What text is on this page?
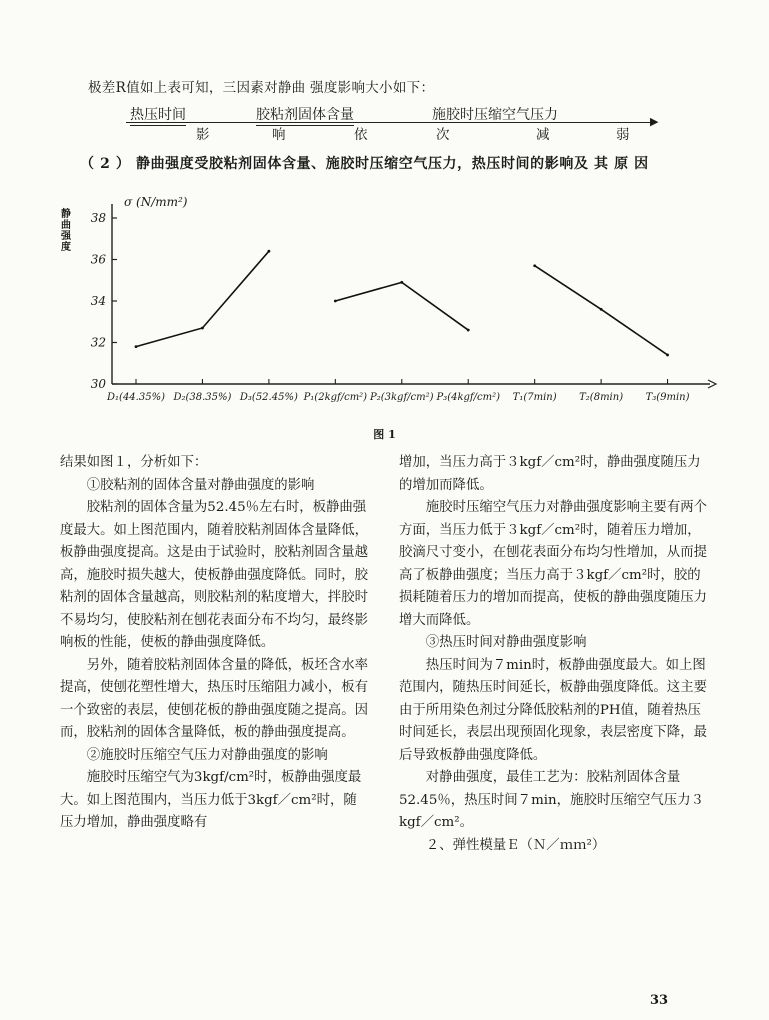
极差R值如上表可知，三因素对静曲 强度影响大小如下：
热压时间	胶粘剂固体含量	施胶时压缩空气压力	▶
影	响	依	次	减	弱
（ 2 ） 静曲强度受胶粘剂固体含量、施胶时压缩空气压力，热压时间的影响及 其 原 因
30
32
34
36
38
静曲强度
σ (N/mm²)
D₁(44.35%) D₂(38.35%) D₃(52.45%) P₁(2kgf/cm²) P₂(3kgf/cm²) P₃(4kgf/cm²) T₁(7min) T₂(8min) T₃(9min)
图 1

结果如图１，分析如下：

①胶粘剂的固体含量对静曲强度的影响

胶粘剂的固体含量为52.45％左右时，板静曲强度最大。如上图范围内，随着胶粘剂固体含量降低，板静曲强度提高。这是由于试验时，胶粘剂固含量越高，施胶时损失越大，使板静曲强度降低。同时，胶粘剂的固体含量越高，则胶粘剂的粘度增大，拌胶时不易均匀，使胶粘剂在刨花表面分布不均匀，最终影响板的性能，使板的静曲强度降低。

另外，随着胶粘剂固体含量的降低，板坯含水率提高，使刨花塑性增大，热压时压缩阻力减小，板有一个致密的表层，使刨花板的静曲强度随之提高。因而，胶粘剂的固体含量降低，板的静曲强度提高。

②施胶时压缩空气压力对静曲强度的影响

施胶时压缩空气为3kgf/cm²时，板静曲强度最大。如上图范围内，当压力低于3kgf／cm²时，随压力增加，静曲强度略有

增加，当压力高于３kgf／cm²时，静曲强度随压力的增加而降低。

施胶时压缩空气压力对静曲强度影响主要有两个方面，当压力低于３kgf／cm²时，随着压力增加，胶滴尺寸变小，在刨花表面分布均匀性增加，从而提高了板静曲强度；当压力高于３kgf／cm²时，胶的损耗随着压力的增加而提高，使板的静曲强度随压力增大而降低。

③热压时间对静曲强度影响

热压时间为７min时，板静曲强度最大。如上图范围内，随热压时间延长，板静曲强度降低。这主要由于所用染色剂过分降低胶粘剂的PH值，随着热压时间延长，表层出现预固化现象，表层密度下降，最后导致板静曲强度降低。

对静曲强度，最佳工艺为：胶粘剂固体含量52.45％，热压时间７min，施胶时压缩空气压力３kgf／cm²。

２、弹性模量Ｅ（Ｎ／ｍｍ²）

33
